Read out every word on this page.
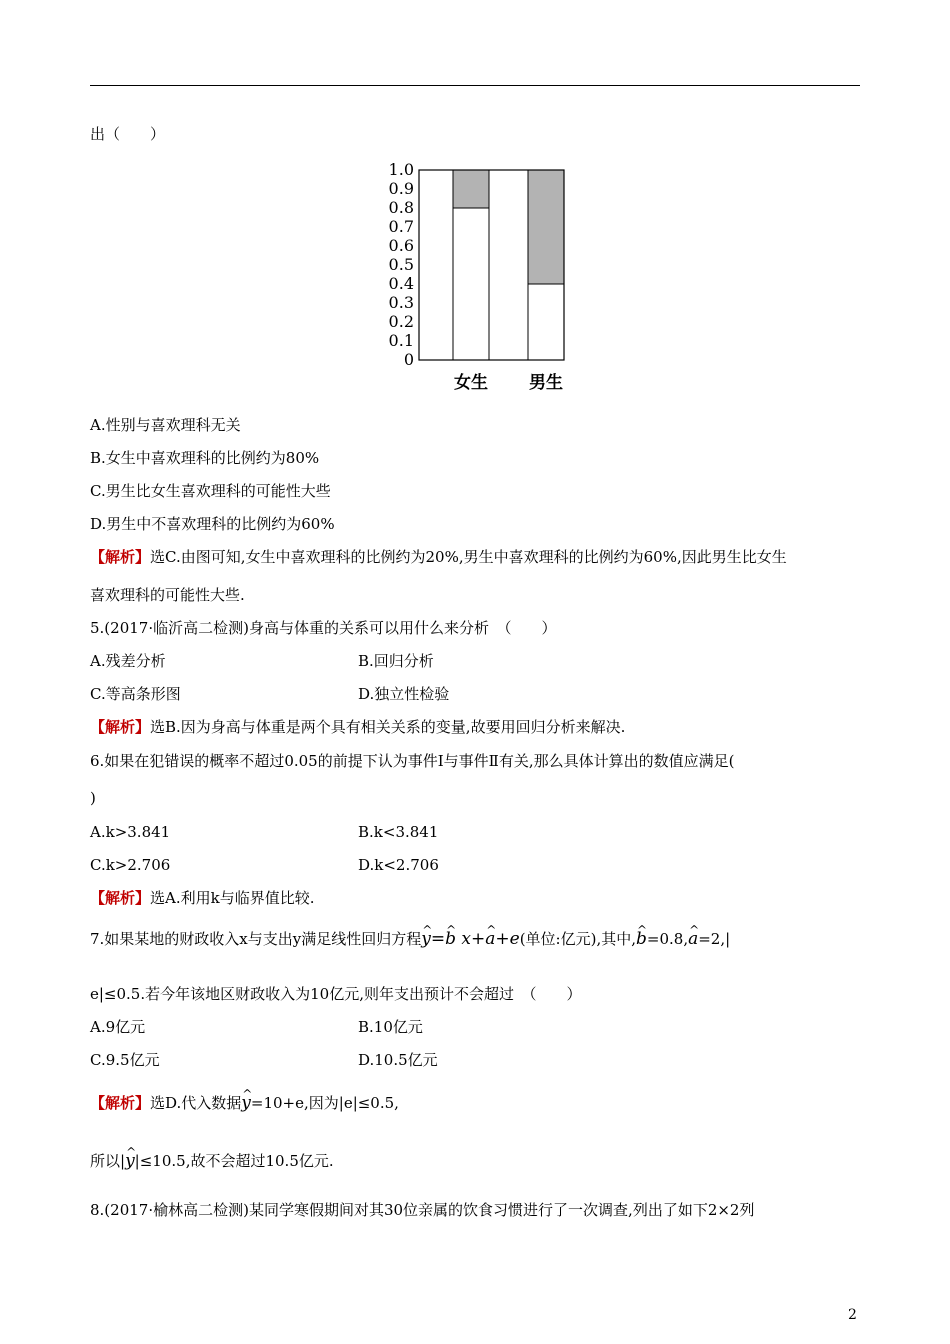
出（　　）
1.0
0.9
0.8
0.7
0.6
0.5
0.4
0.3
0.2
0.1
0
女生 男生
A.性别与喜欢理科无关
B.女生中喜欢理科的比例约为80%
C.男生比女生喜欢理科的可能性大些
D.男生中不喜欢理科的比例约为60%
【解析】选C.由图可知,女生中喜欢理科的比例约为20%,男生中喜欢理科的比例约为60%,因此男生比女生
喜欢理科的可能性大些.
5.(2017·临沂高二检测)身高与体重的关系可以用什么来分析　（　　）
A.残差分析	B.回归分析
C.等高条形图	D.独立性检验
【解析】选B.因为身高与体重是两个具有相关关系的变量,故要用回归分析来解决.
6.如果在犯错误的概率不超过0.05的前提下认为事件Ⅰ与事件Ⅱ有关,那么具体计算出的数值应满足(
)
A.k>3.841	B.k<3.841
C.k>2.706	D.k<2.706
【解析】选A.利用k与临界值比较.
7.如果某地的财政收入x与支出y满足线性回归方程^ y=^ b x+^ a+e(单位:亿元),其中,^ b=0.8,^ a=2,|
e|≤0.5.若今年该地区财政收入为10亿元,则年支出预计不会超过　（　　）
A.9亿元	B.10亿元
C.9.5亿元	D.10.5亿元
【解析】选D.代入数据^ y=10+e,因为|e|≤0.5,
所以|^ y|≤10.5,故不会超过10.5亿元.
8.(2017·榆林高二检测)某同学寒假期间对其30位亲属的饮食习惯进行了一次调查,列出了如下2×2列
2
